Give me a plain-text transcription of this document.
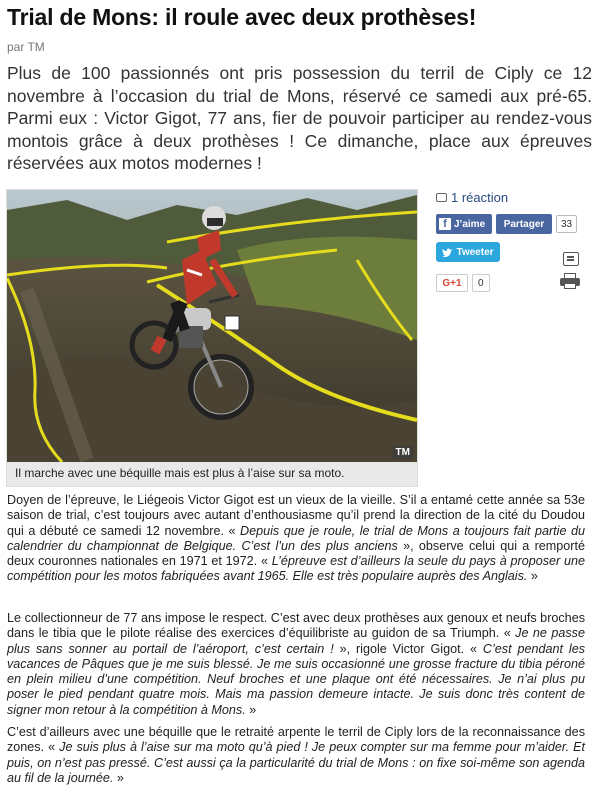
Trial de Mons: il roule avec deux prothèses!
par TM

Plus de 100 passionnés ont pris possession du terril de Ciply ce 12 novembre à l’occasion du trial de Mons, réservé ce samedi aux pré-65. Parmi eux : Victor Gigot, 77 ans, fier de pouvoir participer au rendez-vous montois grâce à deux prothèses ! Ce dimanche, place aux épreuves réservées aux motos modernes !

TM
Il marche avec une béquille mais est plus à l’aise sur sa moto.
1 réaction
f J’aime	Partager	33
Tweeter
G+1	0

Doyen de l’épreuve, le Liégeois Victor Gigot est un vieux de la vieille. S’il a entamé cette année sa 53e saison de trial, c’est toujours avec autant d’enthousiasme qu’il prend la direction de la cité du Doudou qui a débuté ce samedi 12 novembre. « Depuis que je roule, le trial de Mons a toujours fait partie du calendrier du championnat de Belgique. C’est l’un des plus anciens », observe celui qui a remporté deux couronnes nationales en 1971 et 1972. « L’épreuve est d’ailleurs la seule du pays à proposer une compétition pour les motos fabriquées avant 1965. Elle est très populaire auprès des Anglais. »

Le collectionneur de 77 ans impose le respect. C’est avec deux prothèses aux genoux et neufs broches dans le tibia que le pilote réalise des exercices d’équilibriste au guidon de sa Triumph. « Je ne passe plus sans sonner au portail de l’aéroport, c’est certain ! », rigole Victor Gigot. « C’est pendant les vacances de Pâques que je me suis blessé. Je me suis occasionné une grosse fracture du tibia péroné en plein milieu d’une compétition. Neuf broches et une plaque ont été nécessaires. Je n’ai plus pu poser le pied pendant quatre mois. Mais ma passion demeure intacte. Je suis donc très content de signer mon retour à la compétition à Mons. »

C’est d’ailleurs avec une béquille que le retraité arpente le terril de Ciply lors de la reconnaissance des zones. « Je suis plus à l’aise sur ma moto qu’à pied ! Je peux compter sur ma femme pour m’aider. Et puis, on n’est pas pressé. C’est aussi ça la particularité du trial de Mons : on fixe soi-même son agenda au fil de la journée. »
